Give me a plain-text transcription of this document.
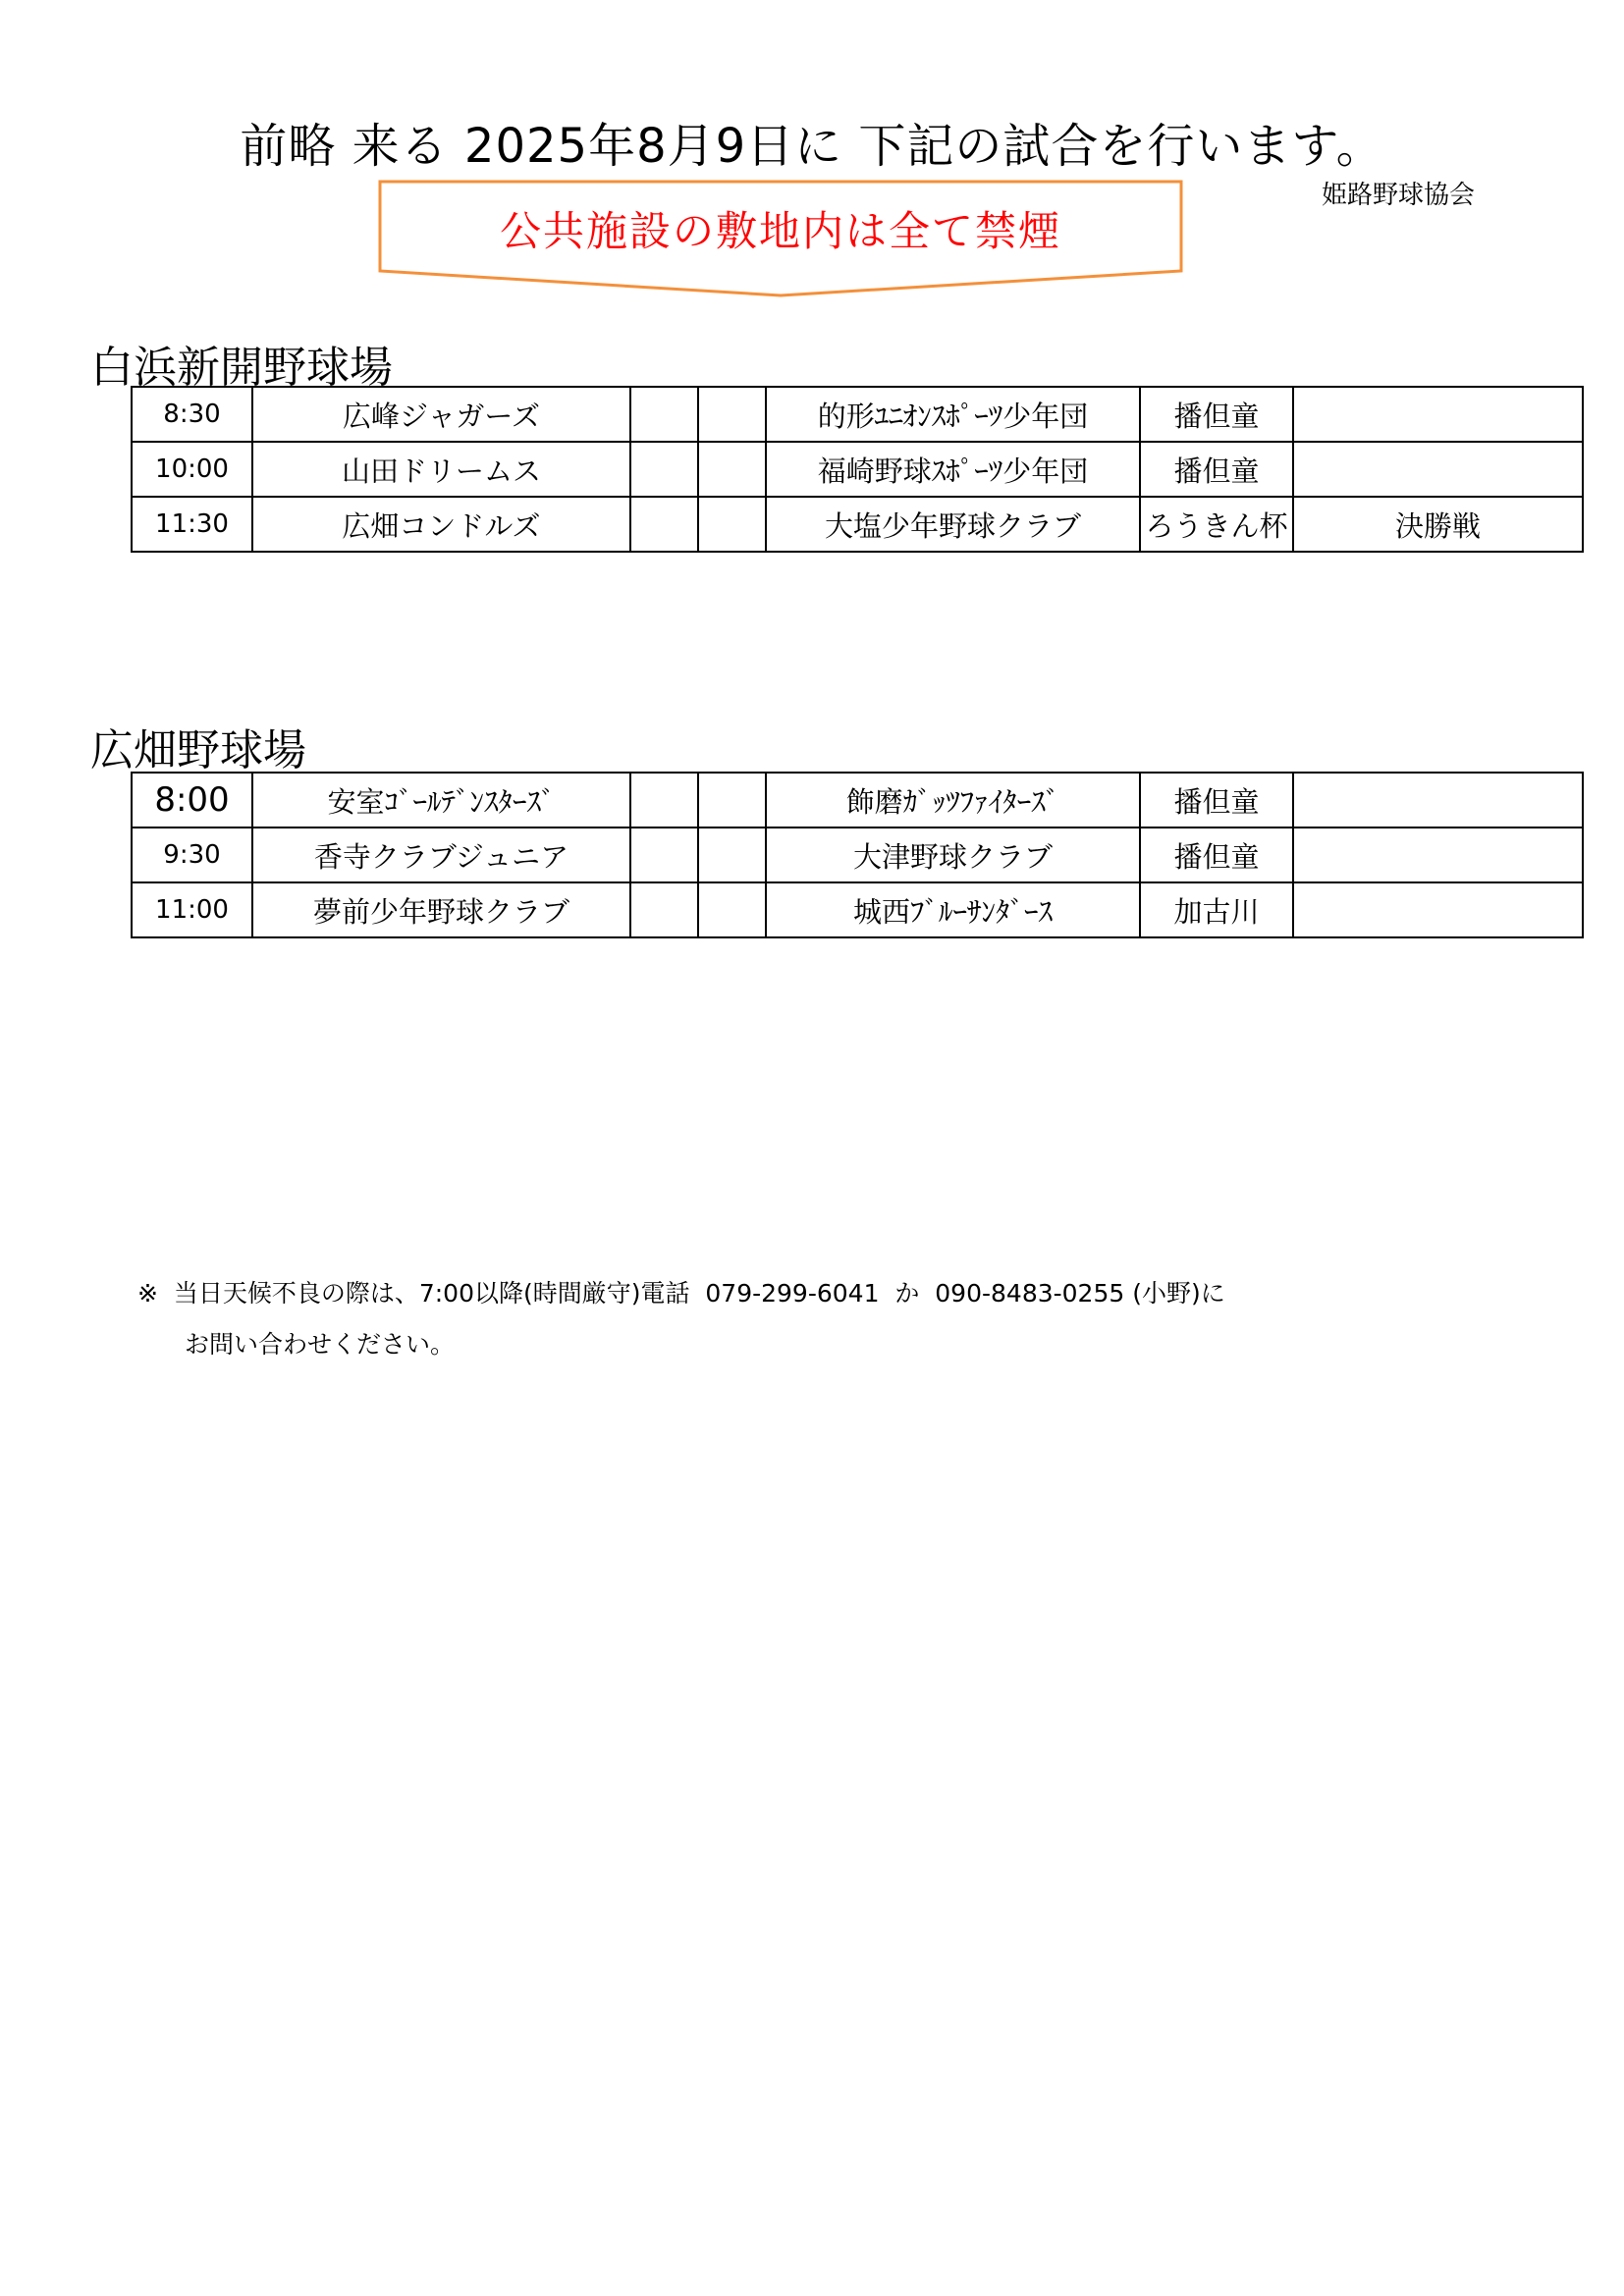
前略 来る 2025年8月9日に 下記の試合を行います。
姫路野球協会
公共施設の敷地内は全て禁煙
白浜新開野球場
8:30	広峰ジャガーズ			的形ﾕﾆｵﾝｽﾎﾟｰﾂ少年団	播但童	
10:00	山田ドリームス			福崎野球ｽﾎﾟｰﾂ少年団	播但童	
11:30	広畑コンドルズ			大塩少年野球クラブ	ろうきん杯	決勝戦
広畑野球場
8:00	安室ｺﾞｰﾙﾃﾞﾝｽﾀｰｽﾞ			飾磨ｶﾞｯﾂﾌｧｲﾀｰｽﾞ	播但童	
9:30	香寺クラブジュニア			大津野球クラブ	播但童	
11:00	夢前少年野球クラブ			城西ﾌﾞﾙｰｻﾝﾀﾞｰｽ	加古川	
※  当日天候不良の際は、7:00以降(時間厳守)電話  079-299-6041  か  090-8483-0255 (小野)に
お問い合わせください。
